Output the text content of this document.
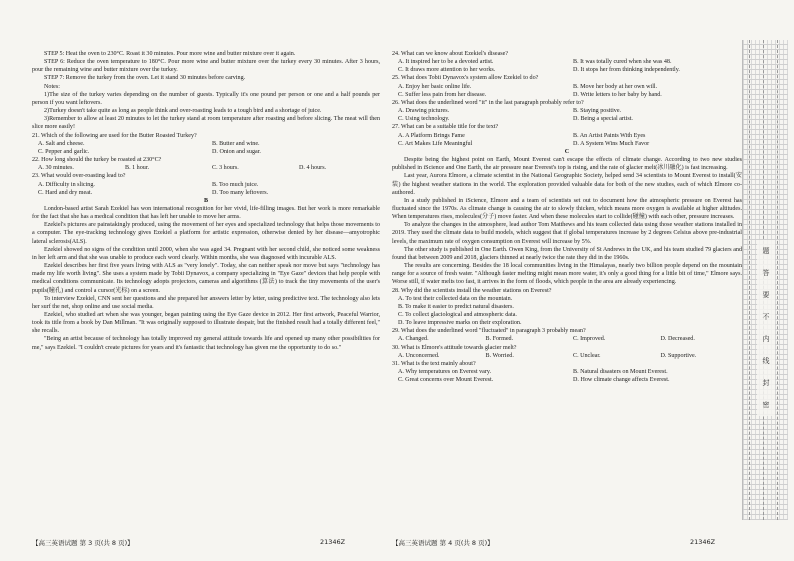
STEP 5: Heat the oven to 230°C. Roast it 30 minutes. Pour more wine and butter mixture over it again.
STEP 6: Reduce the oven temperature to 180°C. Pour more wine and butter mixture over the turkey every 30 minutes. After 3 hours, pour the remaining wine and butter mixture over the turkey.
STEP 7: Remove the turkey from the oven. Let it stand 30 minutes before carving.
Notes:
1)The size of the turkey varies depending on the number of guests. Typically it's one pound per person or one and a half pounds per person if you want leftovers.
2)Turkey doesn't take quite as long as people think and over-roasting leads to a tough bird and a shortage of juice.
3)Remember to allow at least 20 minutes to let the turkey stand at room temperature after roasting and before slicing. The meat will then slice more easily!
21. Which of the following are used for the Butter Roasted Turkey?
A. Salt and cheese.	B. Butter and wine.
C. Pepper and garlic.	D. Onion and sugar.
22. How long should the turkey be roasted at 230°C?
A. 30 minutes.	B. 1 hour.	C. 3 hours.	D. 4 hours.
23. What would over-roasting lead to?
A. Difficulty in slicing.	B. Too much juice.
C. Hard and dry meat.	D. Too many leftovers.
B
London-based artist Sarah Ezekiel has won international recognition for her vivid, life-filling images. But her work is more remarkable for the fact that she has a medical condition that has left her unable to move her arms.
Ezekiel's pictures are painstakingly produced, using the movement of her eyes and specialized technology that helps those movements to a computer. The eye-tracking technology gives Ezekiel a platform for artistic expression, otherwise denied by her disease—amyotrophic lateral sclerosis(ALS).
Ezekiel showed no signs of the condition until 2000, when she was aged 34. Pregnant with her second child, she noticed some weakness in her left arm and that she was unable to produce each word clearly. Within months, she was diagnosed with incurable ALS.
Ezekiel describes her first five years living with ALS as "very lonely". Today, she can neither speak nor move but says "technology has made my life worth living". She uses a system made by Tobii Dynavox, a company specializing in "Eye Gaze" devices that help people with medical conditions communicate. Its technology adopts projectors, cameras and algorithms (算法) to track the tiny movements of the user's pupils(瞳孔) and control a cursor(光标) on a screen.
To interview Ezekiel, CNN sent her questions and she prepared her answers letter by letter, using predictive text. The technology also lets her surf the net, shop online and use social media.
Ezekiel, who studied art when she was younger, began painting using the Eye Gaze device in 2012. Her first artwork, Peaceful Warrior, took its title from a book by Dan Millman. "It was originally supposed to illustrate despair, but the finished result had a totally different feel," she recalls.
"Being an artist because of technology has totally improved my general attitude towards life and opened up many other possibilities for me," says Ezekiel. "I couldn't create pictures for years and it's fantastic that technology has given me the opportunity to do so."
24. What can we know about Ezekiel's disease?
A. It inspired her to be a devoted artist.	B. It was totally cured when she was 48.
C. It draws more attention to her works.	D. It stops her from thinking independently.
25. What does Tobii Dynavox's system allow Ezekiel to do?
A. Enjoy her basic online life.	B. Move her body at her own will.
C. Suffer less pain from her disease.	D. Write letters to her baby by hand.
26. What does the underlined word "it" in the last paragraph probably refer to?
A. Drawing pictures.	B. Staying positive.
C. Using technology.	D. Being a special artist.
27. What can be a suitable title for the text?
A. A Platform Brings Fame	B. An Artist Paints With Eyes
C. Art Makes Life Meaningful	D. A System Wins Much Favor
C
Despite being the highest point on Earth, Mount Everest can't escape the effects of climate change. According to two new studies published in iScience and One Earth, the air pressure near Everest's top is rising, and the rate of glacier melt(冰川融化) is fast increasing.
Last year, Aurora Elmore, a climate scientist in the National Geographic Society, helped send 34 scientists to Mount Everest to install(安装) the highest weather stations in the world. The exploration provided valuable data for both of the new studies, each of which Elmore co-authored.
In a study published in iScience, Elmore and a team of scientists set out to document how the atmospheric pressure on Everest has fluctuated since the 1970s. As climate change is causing the air to slowly thicken, which means more oxygen is available at higher altitudes. When temperatures rises, molecules(分子) move faster. And when these molecules start to collide(碰撞) with each other, pressure increases.
To analyze the changes in the atmosphere, lead author Tom Matthews and his team collected data using those weather stations installed in 2019. They used the climate data to build models, which suggest that if global temperatures increase by 2 degrees Celsius above pre-industrial levels, the maximum rate of oxygen consumption on Everest will increase by 5%.
The other study is published in One Earth. Owen King, from the University of St Andrews in the UK, and his team studied 79 glaciers and found that between 2009 and 2018, glaciers thinned at nearly twice the rate they did in the 1960s.
The results are concerning. Besides the 18 local communities living in the Himalayas, nearly two billion people depend on the mountain range for a source of fresh water. "Although faster melting might mean more water, it's only a good thing for a little bit of time," Elmore says. Worse still, if water melts too fast, it arrives in the form of floods, which people in the area are already experiencing.
28. Why did the scientists install the weather stations on Everest?
A. To test their collected data on the mountain.
B. To make it easier to predict natural disasters.
C. To collect glaciological and atmospheric data.
D. To leave impressive marks on their exploration.
29. What does the underlined word "fluctuated" in paragraph 3 probably mean?
A. Changed.	B. Formed.	C. Improved.	D. Decreased.
30. What is Elmore's attitude towards glacier melt?
A. Unconcerned.	B. Worried.	C. Unclear.	D. Supportive.
31. What is the text mainly about?
A. Why temperatures on Everest vary.	B. Natural disasters on Mount Everest.
C. Great concerns over Mount Everest.	D. How climate change affects Everest.
【高三英语试题 第 3 页(共 8 页)】	21346Z	【高三英语试题 第 4 页(共 8 页)】	21346Z
题
答
要
不
内
线
封
密
